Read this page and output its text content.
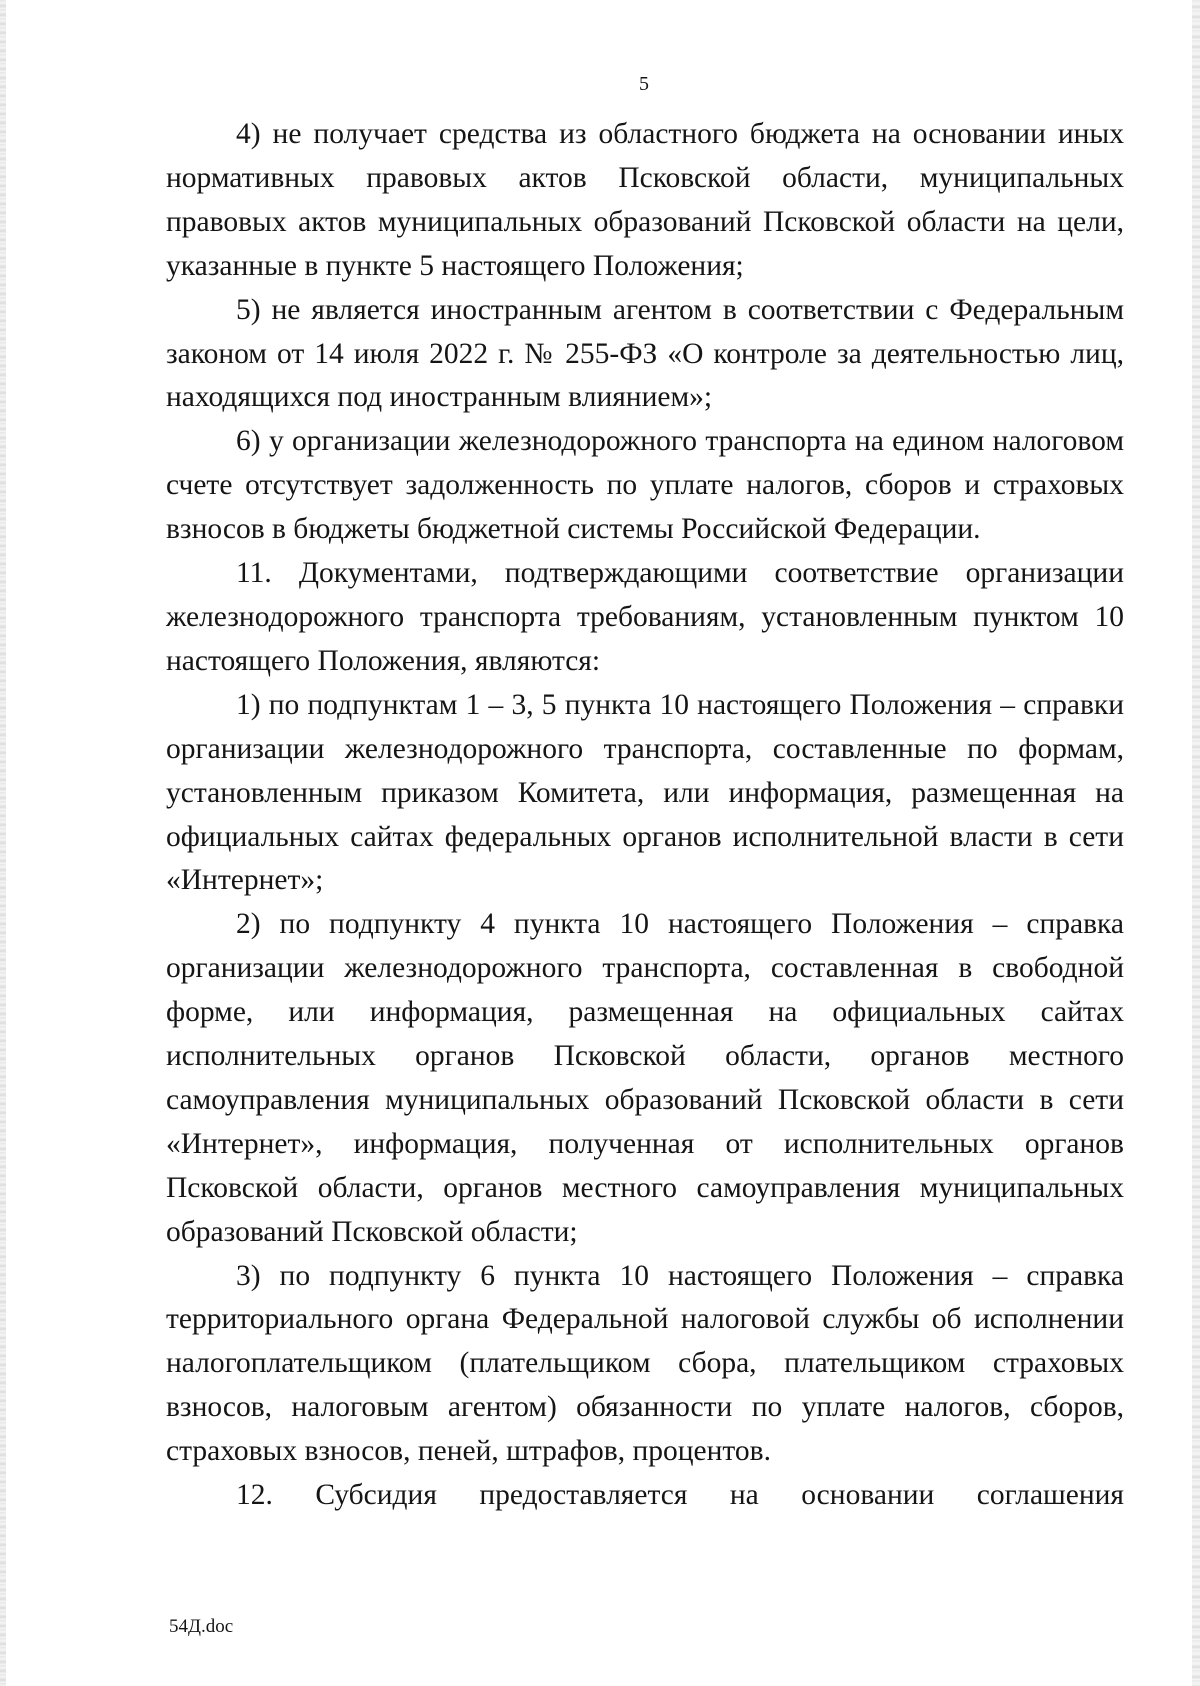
5

4) не получает средства из областного бюджета на основании иных нормативных правовых актов Псковской области, муниципальных правовых актов муниципальных образований Псковской области на цели, указанные в пункте 5 настоящего Положения;

5) не является иностранным агентом в соответствии с Федеральным законом от 14 июля 2022 г. № 255-ФЗ «О контроле за деятельностью лиц, находящихся под иностранным влиянием»;

6) у организации железнодорожного транспорта на едином налоговом счете отсутствует задолженность по уплате налогов, сборов и страховых взносов в бюджеты бюджетной системы Российской Федерации.

11. Документами, подтверждающими соответствие организации железнодорожного транспорта требованиям, установленным пунктом 10 настоящего Положения, являются:

1) по подпунктам 1 – 3, 5 пункта 10 настоящего Положения – справки организации железнодорожного транспорта, составленные по формам, установленным приказом Комитета, или информация, размещенная на официальных сайтах федеральных органов исполнительной власти в сети «Интернет»;

2) по подпункту 4 пункта 10 настоящего Положения – справка организации железнодорожного транспорта, составленная в свободной форме, или информация, размещенная на официальных сайтах исполнительных органов Псковской области, органов местного самоуправления муниципальных образований Псковской области в сети «Интернет», информация, полученная от исполнительных органов Псковской области, органов местного самоуправления муниципальных образований Псковской области;

3) по подпункту 6 пункта 10 настоящего Положения – справка территориального органа Федеральной налоговой службы об исполнении налогоплательщиком (плательщиком сбора, плательщиком страховых взносов, налоговым агентом) обязанности по уплате налогов, сборов, страховых взносов, пеней, штрафов, процентов.

12. Субсидия предоставляется на основании соглашения

54Д.doc
